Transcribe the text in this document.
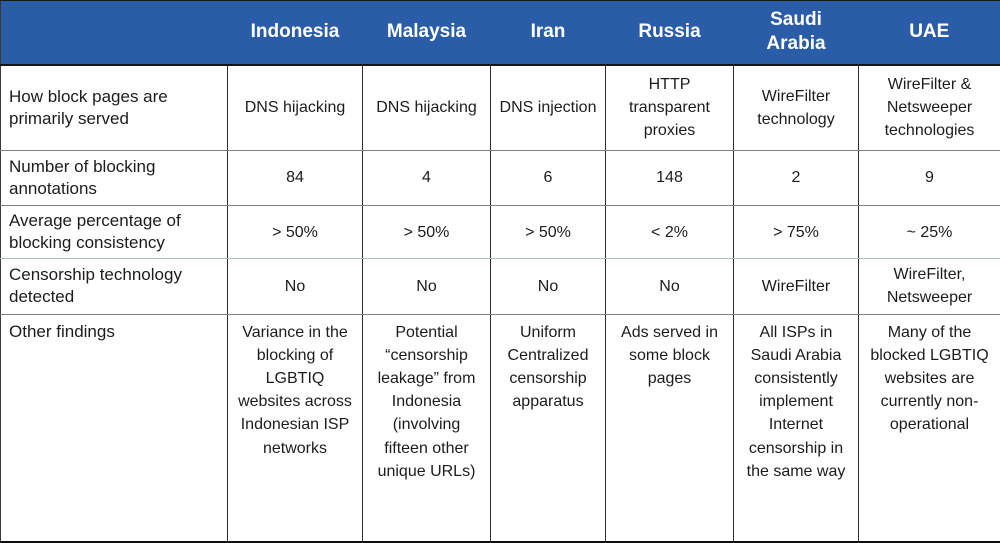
	Indonesia	Malaysia	Iran	Russia	Saudi Arabia	UAE
How block pages are primarily served	DNS hijacking	DNS hijacking	DNS injection	HTTP transparent proxies	WireFilter technology	WireFilter & Netsweeper technologies
Number of blocking annotations	84	4	6	148	2	9
Average percentage of blocking consistency	> 50%	> 50%	> 50%	< 2%	> 75%	~ 25%
Censorship technology detected	No	No	No	No	WireFilter	WireFilter, Netsweeper
Other findings	Variance in the blocking of LGBTIQ websites across Indonesian ISP networks	Potential “censorship leakage” from Indonesia (involving fifteen other unique URLs)	Uniform Centralized censorship apparatus	Ads served in some block pages	All ISPs in Saudi Arabia consistently implement Internet censorship in the same way	Many of the blocked LGBTIQ websites are currently non-operational
